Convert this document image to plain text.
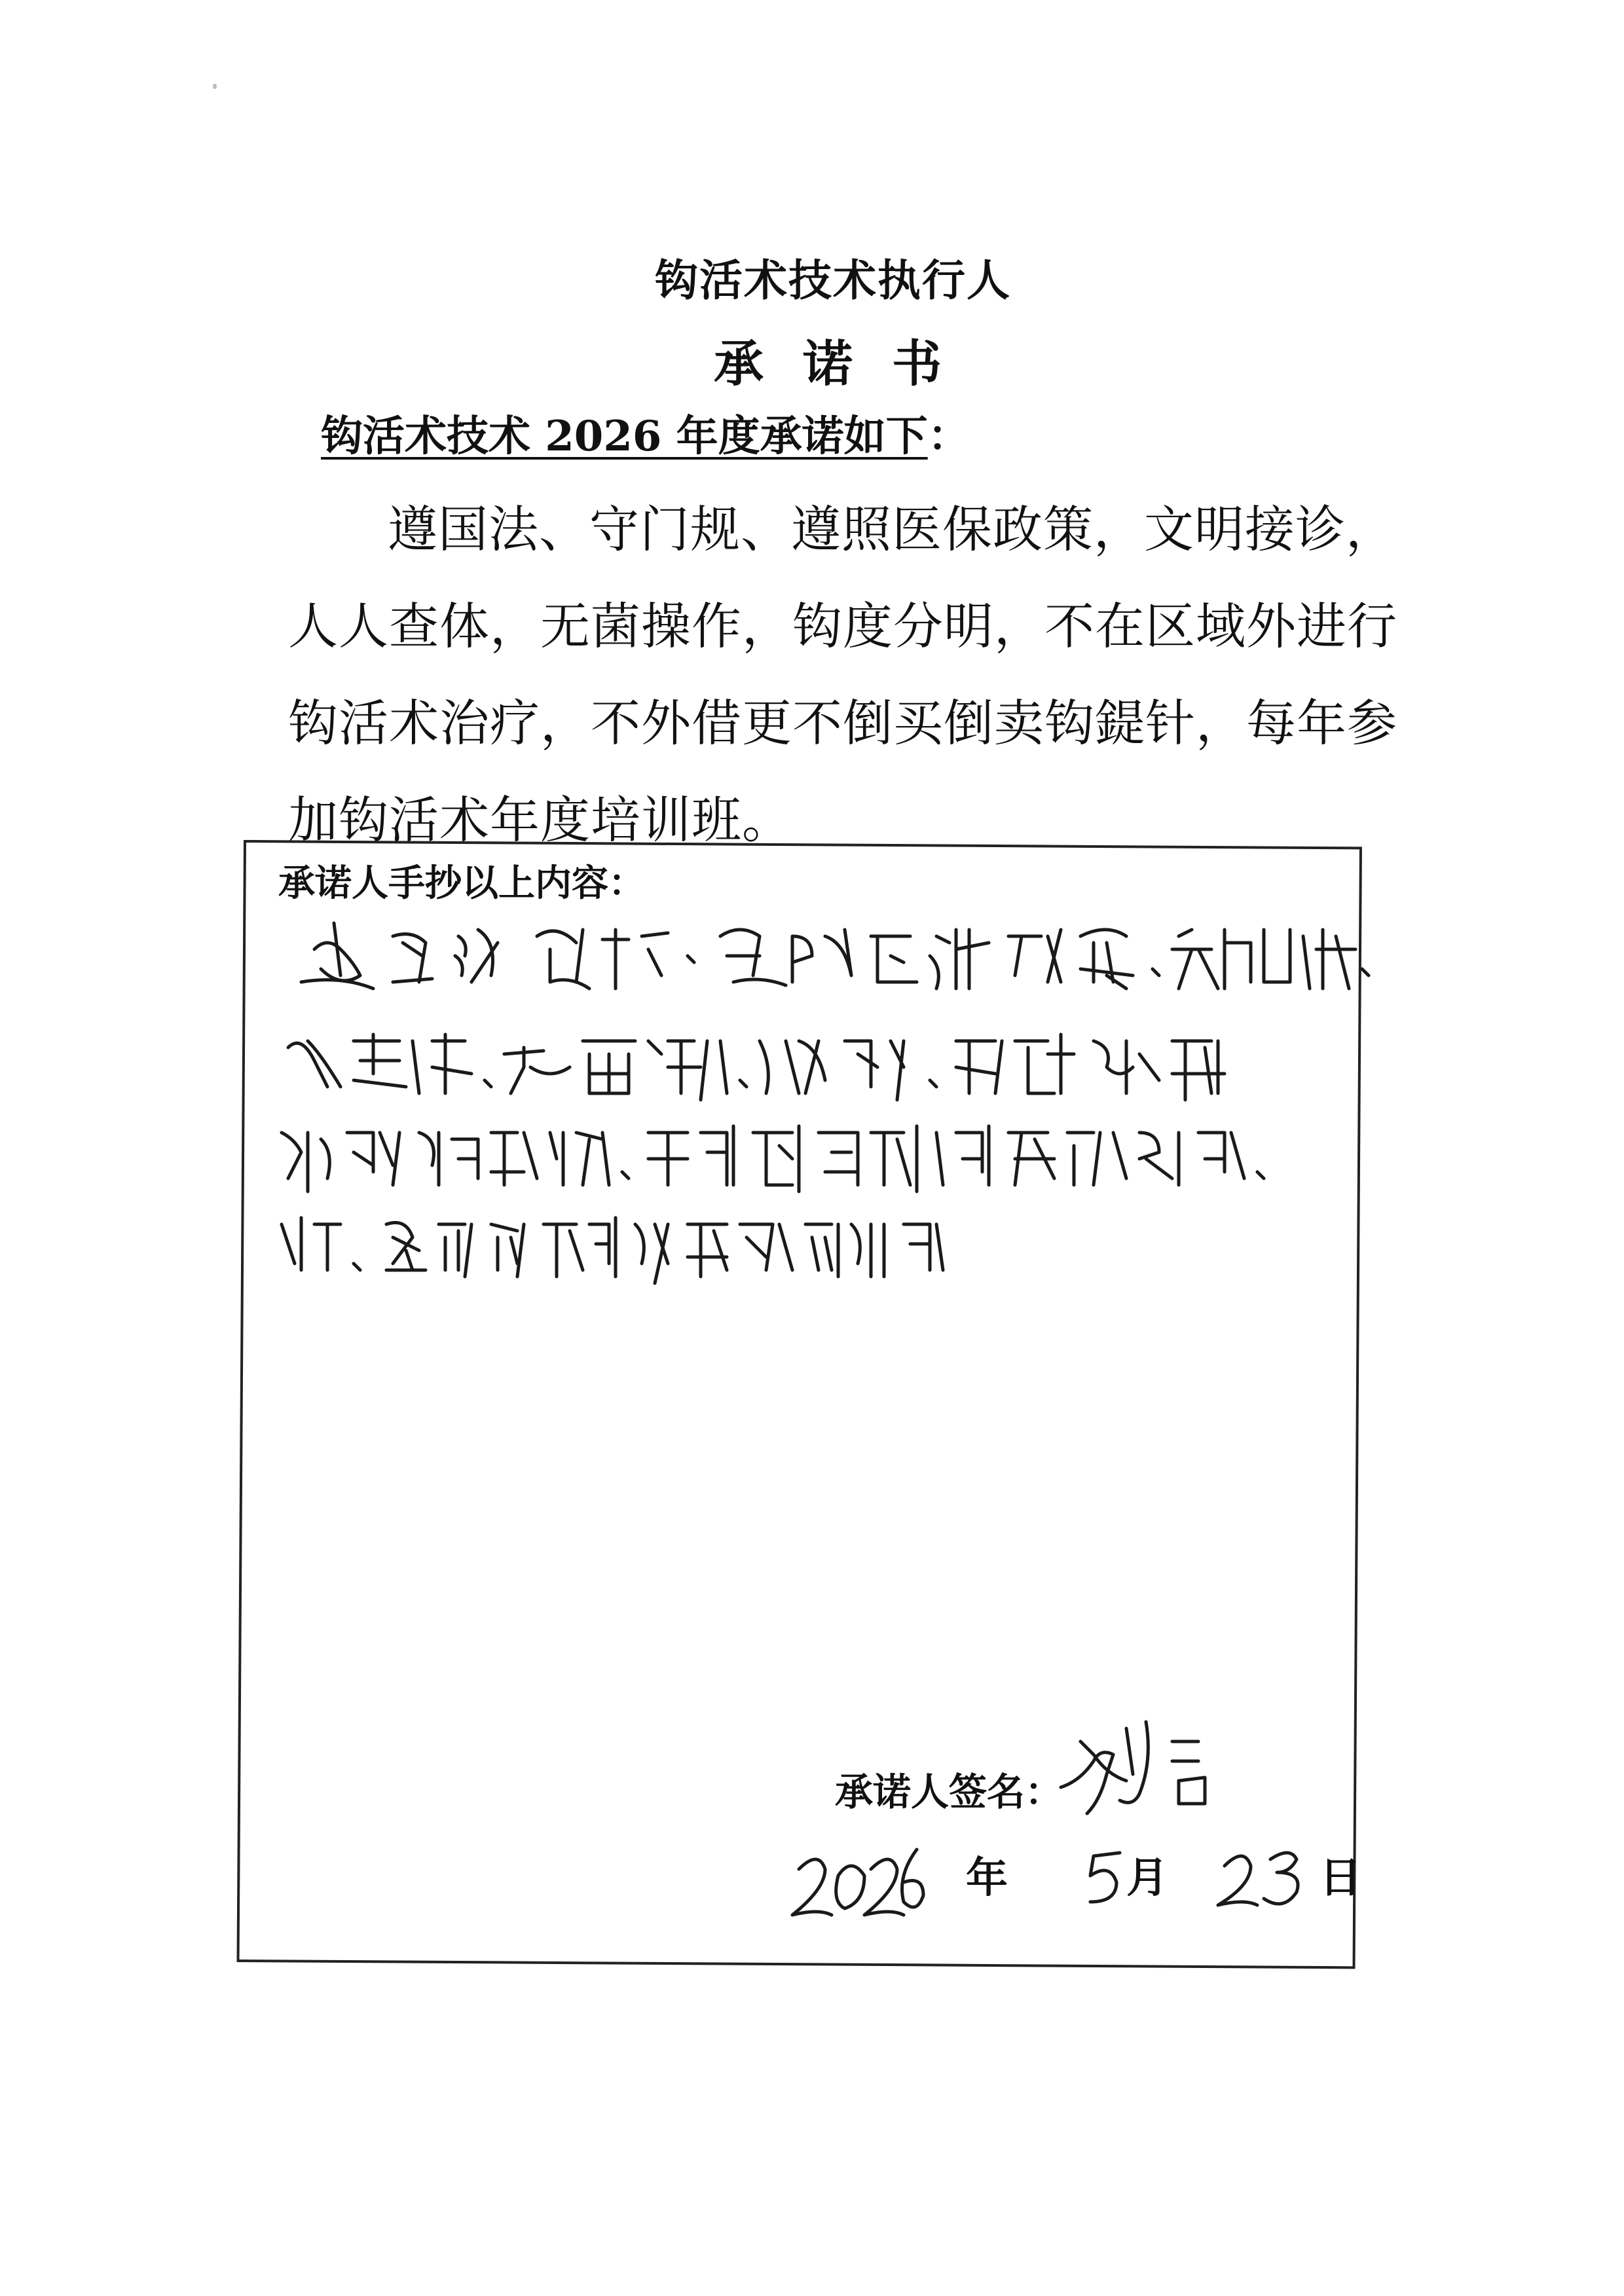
钩活术技术执行人
承诺书
钩活术技术 2026 年度承诺如下：
遵国法、守门规、遵照医保政策，文明接诊，人人查体，无菌操作，钩度分明，不在区域外进行钩活术治疗，不外借更不倒买倒卖钩鍉针，每年参加钩活术年度培训班。
承诺人手抄以上内容：
承诺人签名：
年	月	日
